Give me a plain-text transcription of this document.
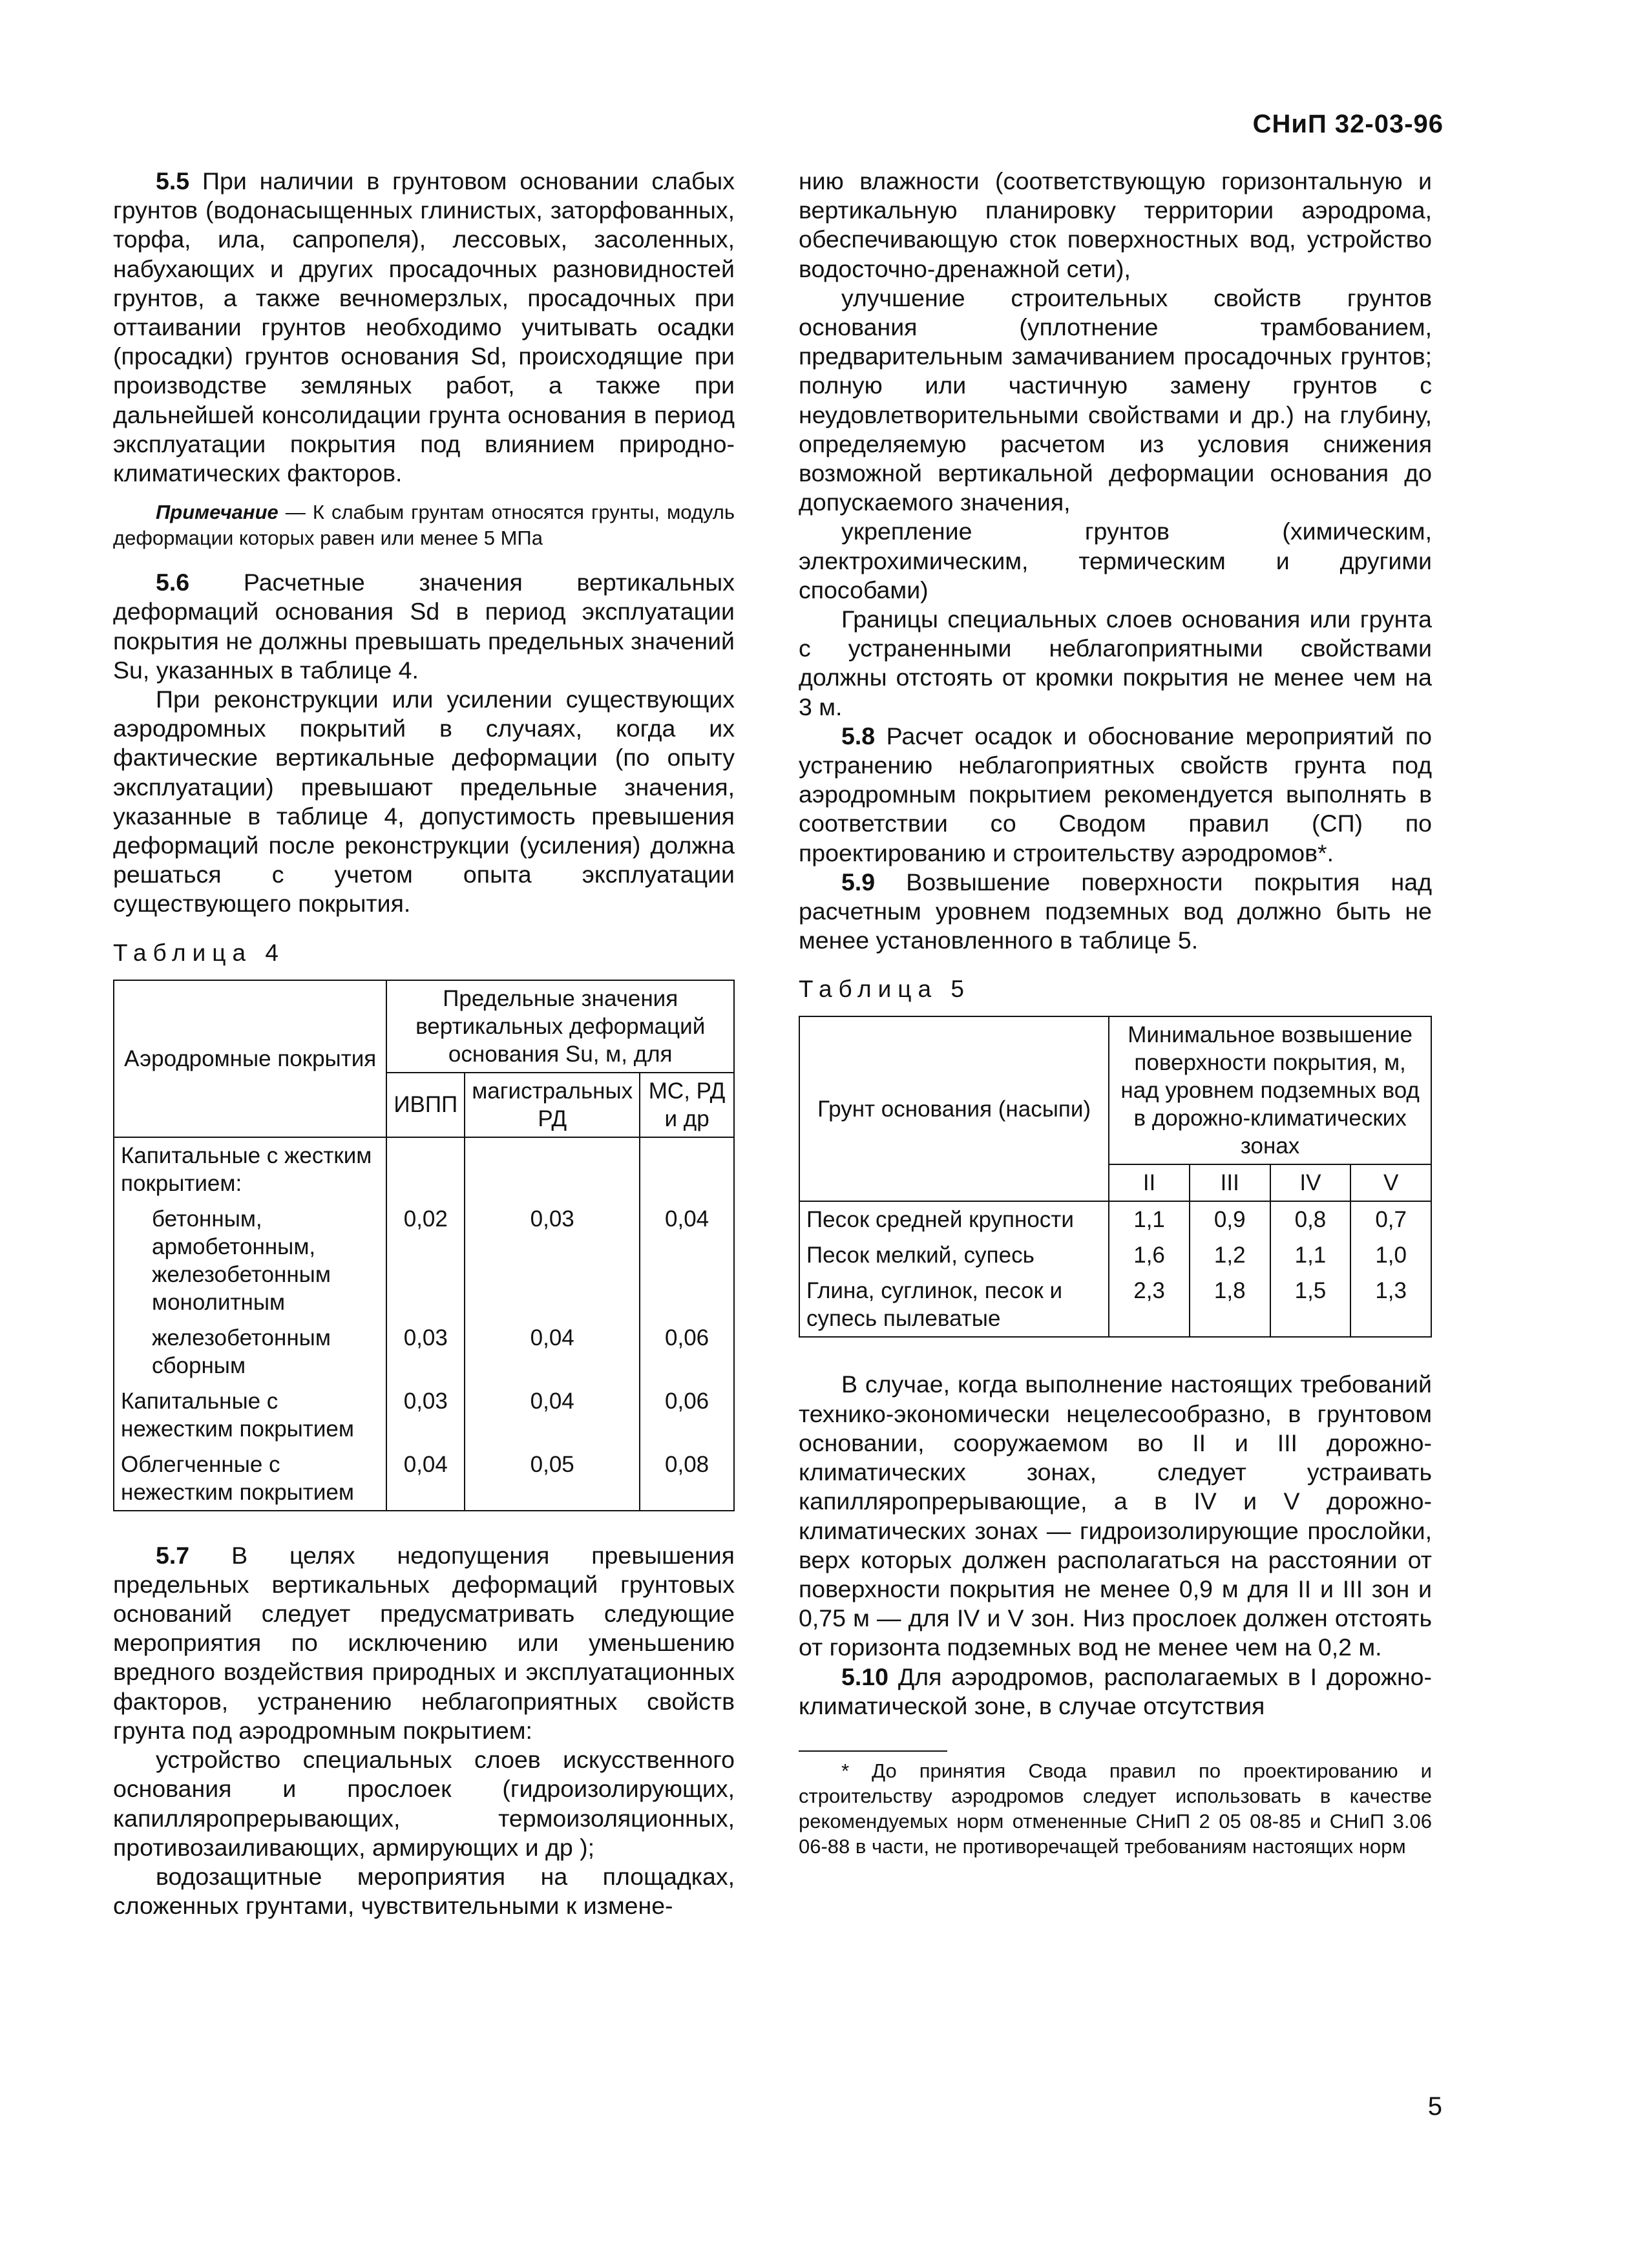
СНиП 32-03-96

5.5 При наличии в грунтовом основании слабых грунтов (водонасыщенных глинистых, заторфованных, торфа, ила, сапропеля), лессовых, засоленных, набухающих и других просадочных разновидностей грунтов, а также вечномерзлых, просадочных при оттаивании грунтов необходимо учитывать осадки (просадки) грунтов основания Sd, происходящие при производстве земляных работ, а также при дальнейшей консолидации грунта основания в период эксплуатации покрытия под влиянием природно-климатических факторов.

Примечание — К слабым грунтам относятся грунты, модуль деформации которых равен или менее 5 МПа

5.6 Расчетные значения вертикальных деформаций основания Sd в период эксплуатации покрытия не должны превышать предельных значений Su, указанных в таблице 4.

При реконструкции или усилении существующих аэродромных покрытий в случаях, когда их фактические вертикальные деформации (по опыту эксплуатации) превышают предельные значения, указанные в таблице 4, допустимость превышения деформаций после реконструкции (усиления) должна решаться с учетом опыта эксплуатации существующего покрытия.

Таблица 4
Аэродромные покрытия	Предельные значения вертикальных деформаций основания Su, м, для		
	ИВПП	магистральных РД	МС, РД и др
Капитальные с жестким покрытием:			

бетонным, армобетонным, железобетонным монолитным	0,02	0,03	0,04

железобетонным сборным	0,03	0,04	0,06
Капитальные с нежестким покрытием	0,03	0,04	0,06
Облегченные с нежестким покрытием	0,04	0,05	0,08

5.7 В целях недопущения превышения предельных вертикальных деформаций грунтовых оснований следует предусматривать следующие мероприятия по исключению или уменьшению вредного воздействия природных и эксплуатационных факторов, устранению неблагоприятных свойств грунта под аэродромным покрытием:

устройство специальных слоев искусственного основания и прослоек (гидроизолирующих, капилляропрерывающих, термоизоляционных, противозаиливающих, армирующих и др );

водозащитные мероприятия на площадках, сложенных грунтами, чувствительными к измене-

нию влажности (соответствующую горизонтальную и вертикальную планировку территории аэродрома, обеспечивающую сток поверхностных вод, устройство водосточно-дренажной сети),

улучшение строительных свойств грунтов основания (уплотнение трамбованием, предварительным замачиванием просадочных грунтов; полную или частичную замену грунтов с неудовлетворительными свойствами и др.) на глубину, определяемую расчетом из условия снижения возможной вертикальной деформации основания до допускаемого значения,

укрепление грунтов (химическим, электрохимическим, термическим и другими способами)

Границы специальных слоев основания или грунта с устраненными неблагоприятными свойствами должны отстоять от кромки покрытия не менее чем на 3 м.

5.8 Расчет осадок и обоснование мероприятий по устранению неблагоприятных свойств грунта под аэродромным покрытием рекомендуется выполнять в соответствии со Сводом правил (СП) по проектированию и строительству аэродромов*.

5.9 Возвышение поверхности покрытия над расчетным уровнем подземных вод должно быть не менее установленного в таблице 5.

Таблица 5
Грунт основания (насыпи)	Минимальное возвышение поверхности покрытия, м, над уровнем подземных вод в дорожно-климатических зонах			
	II	III	IV	V
Песок средней крупности	1,1	0,9	0,8	0,7
Песок мелкий, супесь	1,6	1,2	1,1	1,0
Глина, суглинок, песок и супесь пылеватые	2,3	1,8	1,5	1,3

В случае, когда выполнение настоящих требований технико-экономически нецелесообразно, в грунтовом основании, сооружаемом во II и III дорожно-климатических зонах, следует устраивать капилляропрерывающие, а в IV и V дорожно-климатических зонах — гидроизолирующие прослойки, верх которых должен располагаться на расстоянии от поверхности покрытия не менее 0,9 м для II и III зон и 0,75 м — для IV и V зон. Низ прослоек должен отстоять от горизонта подземных вод не менее чем на 0,2 м.

5.10 Для аэродромов, располагаемых в I дорожно-климатической зоне, в случае отсутствия

* До принятия Свода правил по проектированию и строительству аэродромов следует использовать в качестве рекомендуемых норм отмененные СНиП 2 05 08-85 и СНиП 3.06 06-88 в части, не противоречащей требованиям настоящих норм
5
